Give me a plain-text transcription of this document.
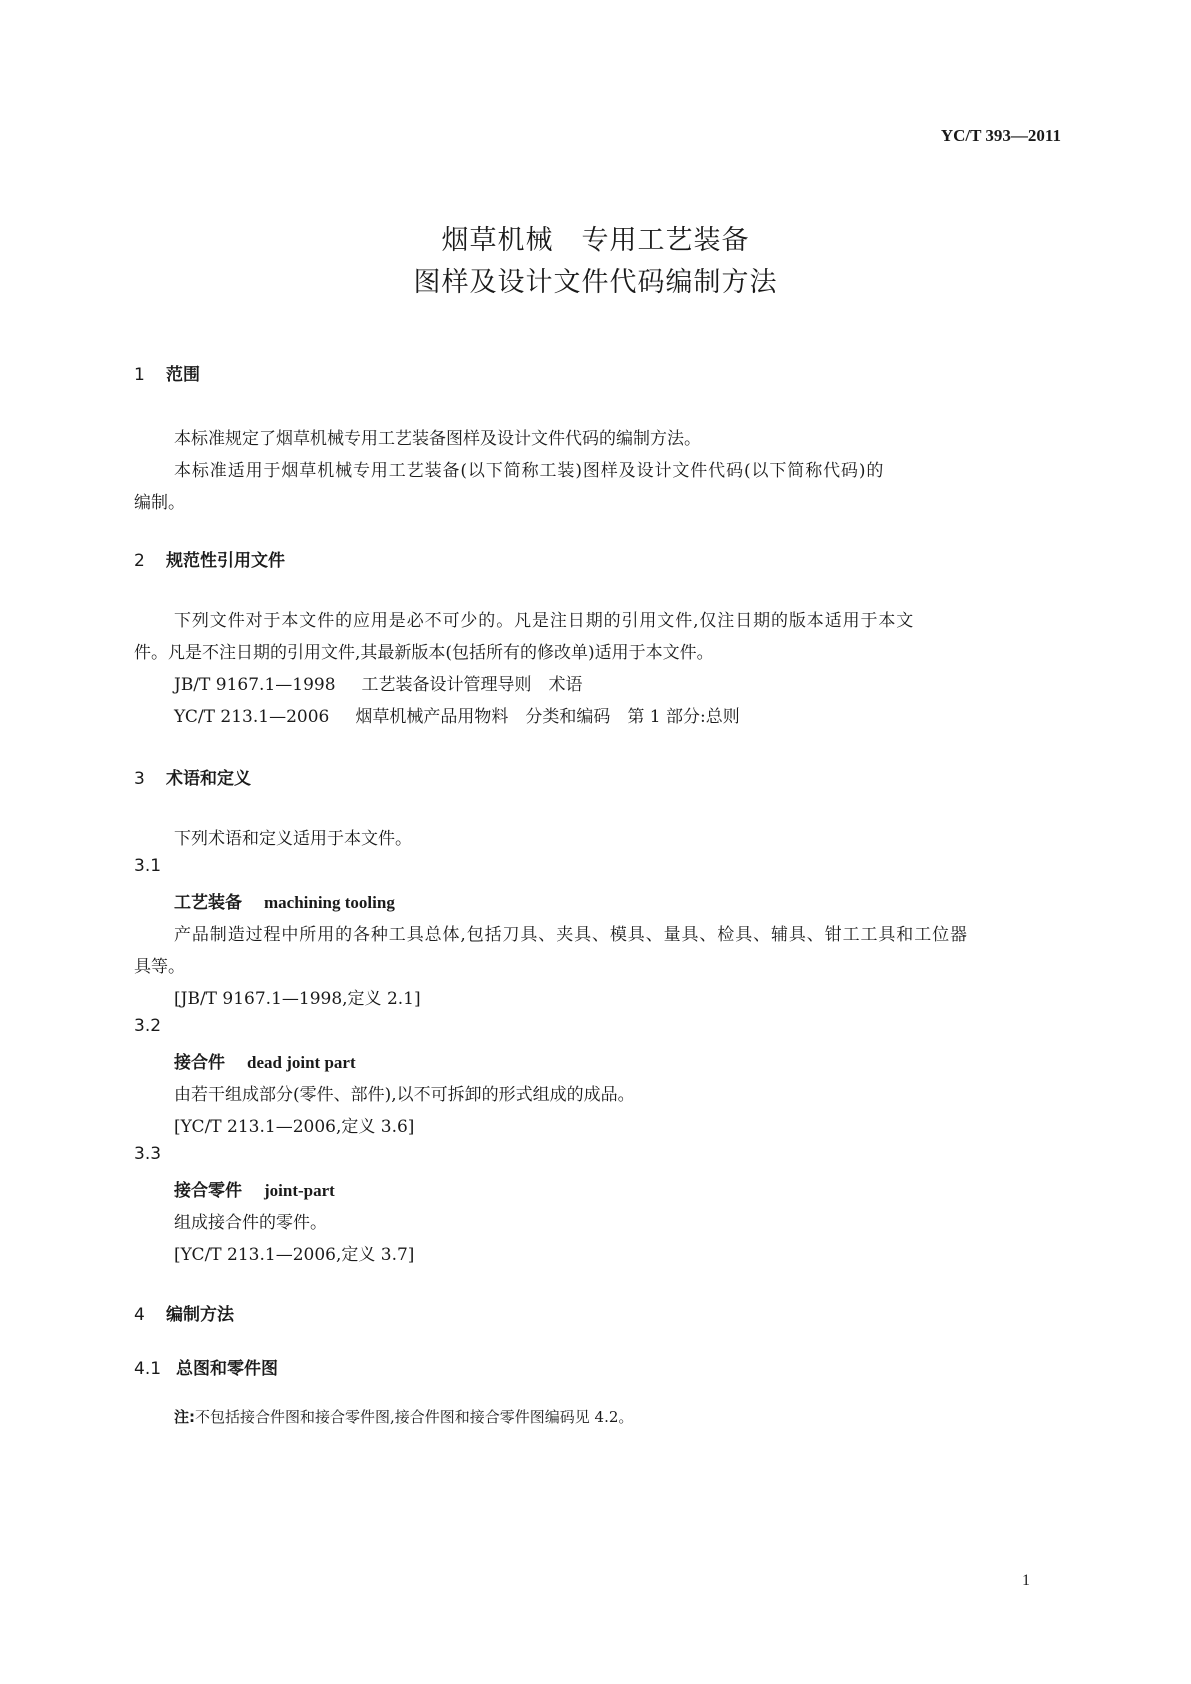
YC/T 393—2011
烟草机械　专用工艺装备
图样及设计文件代码编制方法
1 范围
本标准规定了烟草机械专用工艺装备图样及设计文件代码的编制方法。
本标准适用于烟草机械专用工艺装备(以下简称工装)图样及设计文件代码(以下简称代码)的
编制。
2 规范性引用文件
下列文件对于本文件的应用是必不可少的。凡是注日期的引用文件,仅注日期的版本适用于本文
件。凡是不注日期的引用文件,其最新版本(包括所有的修改单)适用于本文件。
JB/T 9167.1—1998 工艺装备设计管理导则　术语
YC/T 213.1—2006 烟草机械产品用物料　分类和编码　第 1 部分:总则
3 术语和定义
下列术语和定义适用于本文件。
3.1
工艺装备 machining tooling
产品制造过程中所用的各种工具总体,包括刀具、夹具、模具、量具、检具、辅具、钳工工具和工位器
具等。
[JB/T 9167.1—1998,定义 2.1]
3.2
接合件 dead joint part
由若干组成部分(零件、部件),以不可拆卸的形式组成的成品。
[YC/T 213.1—2006,定义 3.6]
3.3
接合零件 joint-part
组成接合件的零件。
[YC/T 213.1—2006,定义 3.7]
4 编制方法
4.1 总图和零件图
注:不包括接合件图和接合零件图,接合件图和接合零件图编码见 4.2。
1
